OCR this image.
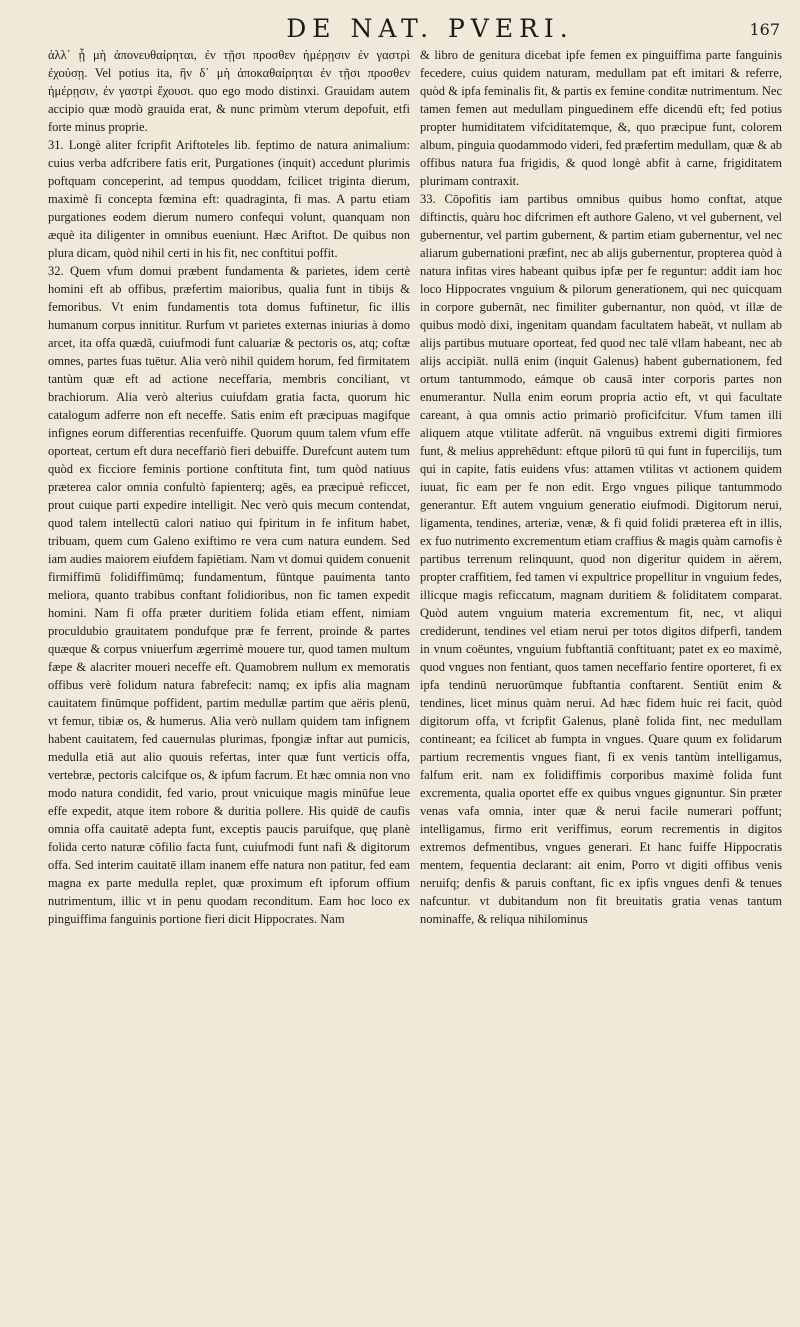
DE NAT. PVERI.	167

ἀλλ᾽ ᾗ μὴ ἀπονευθαίρηται, ἐν τῇσι προσθεν ἡμέρῃσιν ἐν γαστρὶ ἐχούσῃ. Vel potius ita, ἣν δ᾽ μὴ ἀποκαθαίρηται ἐν τῇσι προσθεν ἡμέρῃσιν, ἐν γαστρὶ ἔχουσι. quo ego modo distinxi. Grauidam autem accipio quæ modò grauida erat, & nunc primùm vterum depofuit, etfi forte minus proprie.

31. Longè aliter fcripfit Ariftoteles lib. feptimo de natura animalium: cuius verba adfcribere fatis erit, Purgationes (inquit) accedunt plurimis poftquam conceperint, ad tempus quoddam, fcilicet triginta dierum, maximè fi concepta fœmina eft: quadraginta, fi mas. A partu etiam purgationes eodem dierum numero confequi volunt, quanquam non æquè ita diligenter in omnibus eueniunt. Hæc Ariftot. De quibus non plura dicam, quòd nihil certi in his fit, nec conftitui poffit.

32. Quem vfum domui præbent fundamenta & parietes, idem certè homini eft ab offibus, præfertim maioribus, qualia funt in tibijs & femoribus. Vt enim fundamentis tota domus fuftinetur, fic illis humanum corpus innititur. Rurfum vt parietes externas iniurias à domo arcet, ita offa quædã, cuiufmodi funt caluariæ & pectoris os, atq; coftæ omnes, partes fuas tuētur. Alia verò nihil quidem horum, fed firmitatem tantùm quæ eft ad actione neceffaria, membris conciliant, vt brachiorum. Alia verò alterius cuiufdam gratia facta, quorum hic catalogum adferre non eft neceffe. Satis enim eft præcipuas magifque infignes eorum differentias recenfuiffe. Quorum quum talem vfum effe oporteat, certum eft dura neceffariò fieri debuiffe. Durefcunt autem tum quòd ex ficciore feminis portione conftituta fint, tum quòd natiuus præterea calor omnia confultò fapienterq; agēs, ea præcipuè reficcet, prout cuique parti expedire intelligit. Nec verò quis mecum contendat, quod talem intellectū calori natiuo qui fpiritum in fe infitum habet, tribuam, quem cum Galeno exiftimo re vera cum natura eundem. Sed iam audies maiorem eiufdem fapiētiam. Nam vt domui quidem conuenit firmiffimū folidiffimūmq; fundamentum, fūntque pauimenta tanto meliora, quanto trabibus conftant folidioribus, non fic tamen expedit homini. Nam fi offa præter duritiem folida etiam effent, nimiam proculdubio grauitatem pondufque præ fe ferrent, proinde & partes quæque & corpus vniuerfum ægerrimè mouere tur, quod tamen multum fæpe & alacriter moueri neceffe eft. Quamobrem nullum ex memoratis offibus verè folidum natura fabrefecit: namq; ex ipfis alia magnam cauitatem finūmque poffident, partim medullæ partim que aëris plenū, vt femur, tibiæ os, & humerus. Alia verò nullam quidem tam infignem habent cauitatem, fed cauernulas plurimas, fpongiæ inftar aut pumicis, medulla etiā aut alio quouis refertas, inter quæ funt verticis offa, vertebræ, pectoris calcifque os, & ipfum facrum. Et hæc omnia non vno modo natura condidit, fed vario, prout vnicuique magis minūfue leue effe expedit, atque item robore & duritia pollere. His quidē de caufis omnia offa cauitatē adepta funt, exceptis paucis paruifque, quę planè folida certo naturæ cōfilio facta funt, cuiufmodi funt nafi & digitorum offa. Sed interim cauitatē illam inanem effe natura non patitur, fed eam magna ex parte medulla replet, quæ proximum eft ipforum offium nutrimentum, illic vt in penu quodam reconditum. Eam hoc loco ex pinguiffima fanguinis portione fieri dicit Hippocrates. Nam

& libro de genitura dicebat ipfe femen ex pinguiffima parte fanguinis fecedere, cuius quidem naturam, medullam pat eft imitari & referre, quòd & ipfa feminalis fit, & partis ex femine conditæ nutrimentum. Nec tamen femen aut medullam pinguedinem effe dicendū eft; fed potius propter humiditatem vifciditatemque, &, quo præcipue funt, colorem album, pinguia quodammodo videri, fed præfertim medullam, quæ & ab offibus natura fua frigidis, & quod longè abfit à carne, frigiditatem plurimam contraxit.

33. Cōpofitis iam partibus omnibus quibus homo conftat, atque diftinctis, quàru hoc difcrimen eft authore Galeno, vt vel gubernent, vel gubernentur, vel partim gubernent, & partim etiam gubernentur, vel nec aliarum gubernationi præfint, nec ab alijs gubernentur, propterea quòd à natura infitas vires habeant quibus ipfæ per fe reguntur: addit iam hoc loco Hippocrates vnguium & pilorum generationem, qui nec quicquam in corpore gubernāt, nec fimiliter gubernantur, non quòd, vt illæ de quibus modò dixi, ingenitam quandam facultatem habeāt, vt nullam ab alijs partibus mutuare oporteat, fed quod nec talē vllam habeant, nec ab alijs accipiāt. nullā enim (inquit Galenus) habent gubernationem, fed ortum tantummodo, eámque ob causā inter corporis partes non enumerantur. Nulla enim eorum propria actio eft, vt qui facultate careant, à qua omnis actio primariò proficifcitur. Vfum tamen illi aliquem atque vtilitate adferūt. nā vnguibus extremi digiti firmiores funt, & melius apprehēdunt: eftque pilorū tū qui funt in fupercilijs, tum qui in capite, fatis euidens vfus: attamen vtilitas vt actionem quidem iuuat, fic eam per fe non edit. Ergo vngues pilique tantummodo generantur. Eft autem vnguium generatio eiufmodi. Digitorum nerui, ligamenta, tendines, arteriæ, venæ, & fi quid folidi præterea eft in illis, ex fuo nutrimento excrementum etiam craffius & magis quàm carnofis è partibus terrenum relinquunt, quod non digeritur quidem in aërem, propter craffitiem, fed tamen vi expultrice propellitur in vnguium fedes, illicque magis reficcatum, magnam duritiem & foliditatem comparat. Quòd autem vnguium materia excrementum fit, nec, vt aliqui crediderunt, tendines vel etiam nerui per totos digitos difperfi, tandem in vnum coëuntes, vnguium fubftantiā conftituant; patet ex eo maximè, quod vngues non fentiant, quos tamen neceffario fentire oporteret, fi ex ipfa tendinū neruorūmque fubftantia conftarent. Sentiūt enim & tendines, licet minus quàm nerui. Ad hæc fidem huic rei facit, quòd digitorum offa, vt fcripfit Galenus, planè folida fint, nec medullam contineant; ea fcilicet ab fumpta in vngues. Quare quum ex folidarum partium recrementis vngues fiant, fi ex venis tantùm intelligamus, falfum erit. nam ex folidiffimis corporibus maximè folida funt excrementa, qualia oportet effe ex quibus vngues gignuntur. Sin præter venas vafa omnia, inter quæ & nerui facile numerari poffunt; intelligamus, firmo erit veriffimus, eorum recrementis in digitos extremos defmentibus, vngues generari. Et hanc fuiffe Hippocratis mentem, fequentia declarant: ait enim, Porro vt digiti offibus venis neruifq; denfis & paruis conftant, fic ex ipfis vngues denfi & tenues nafcuntur. vt dubitandum non fit breuitatis gratia venas tantum nominaffe, & reliqua nihilominus
